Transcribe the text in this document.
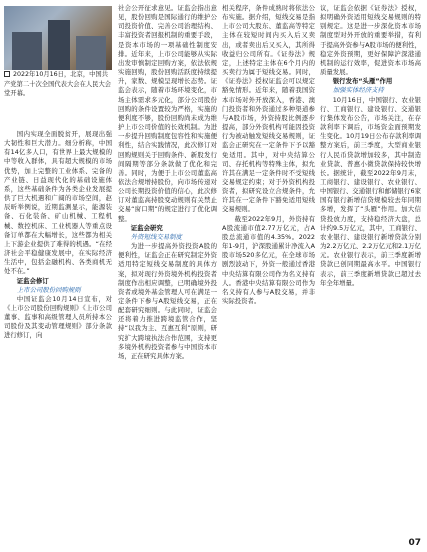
2022年10月16日，北京，中国共产党第二十次全国代表大会在人民大会堂开幕。

国内实现全面脱贫开，展现出强大韧性和巨大潜力。细分析称，中国有14亿多人口，有世界上最大规模的中等收入群体，具有超大规模的市场优势，加上完整的工业体系、完备的产业链、日益现代化的基础设施体系，这些基础条件为各类企业发展提供了巨大机遇和广阔的市场空间，赵辰昕举例说，近期监测显示，能源装备、石化装备、矿山机械、工程机械、数控机床、工业机器人等重点设备订单都在大幅增长，这些都为相关上下游企业提供了难得的机遇。“在经济社会平稳健康发展中，在实际经济生活中，包括金融机构、各类商机无处不在。”

证监会修订

上市公司股份回购规则

中国证监会10月14日宣布，对《上市公司股份回购规则》《上市公司董事、监事和高级管理人员所持本公司股份及其变动管理规则》部分条款进行修订，向

社会公开征求意见。证监会指出意见，股份回购是国际通行的维护公司投资价值、完善公司治理结构、丰富投资者回报机制的重要手段，是资本市场的一项基础性制度安排。近年来，上市公司能够从实际出发审慎制定回购方案，依法依规实施回购，股份回购活跃度持续提升，家数、规模呈现增长态势。证监会表示，随着市场环境变化，市场主体需求多元化，部分公司股份回购的条件设置较为严格，实施的便利度不够，股份回购尚未成为维护上市公司价值的长效机制。为进一步提升回购制度包容性和实施便利性，结合实践情况，此次修订对回购规则关于回购条件、新股发行间隔期等部分条款做了优化和完善。同时，为便于上市公司董监高依法合规增持股份，向市场传递对公司长期投资价值的信心，此次修订对董监高持股变动规则有关禁止交易“窗口期”的规定进行了优化调整。

证监会研究

外资短线交易制度

为进一步提高外资投资A股的便利性，证监会正在研究制定外资适用特定短线交易制度的具体方案，拟对现行外资境外机构投资者制度作出相应调整，已明确境外投资者或境外基金管理人可在满足一定条件下参与A股短线交易，正在配套研究细则。与此同时，证监会还将着力推进跨境监管合作，坚持“以我为主、互惠互利”原则，研究扩大跨境执法合作范围，支持更多境外机构投资者参与中国资本市场，正在研究具体方案。

相关程序，条件成熟时将依法公布实施。据介绍，短线交易是指上市公司大股东、董监高等特定主体在较短时间内买入后又卖出，或者卖出后又买入，其所得收益归公司所有。《证券法》规定，上述特定主体在6个月内的买卖行为属于短线交易。同时，《证券法》授权证监会可以规定豁免情形。近年来，随着我国资本市场对外开放深入，香港、澳门投资者和外资通过多种渠道参与A股市场，外资持股比例逐步提高，部分外资机构可能因投资行为被动触发短线交易规则，证监会正研究在一定条件下予以豁免适用。其中，对中央结算公司、存托机构等特殊主体，拟允许其在满足一定条件时不受短线交易规定约束；对于外资机构投资者，拟研究设立合规条件，允许其在一定条件下豁免适用短线交易规则。

截至2022年9月，外资持有A股流通市值2.77万亿元，占A股总流通市值的4.35%。2022年1-9月，沪深股通累计净流入A股市场520多亿元，在全球市场剧烈波动下，外资一般通过香港中央结算有限公司作为名义持有人。香港中央结算有限公司作为名义持有人参与A股交易，并非实际投资者。

议，证监会依据《证券法》授权，拟明确外资适用短线交易规则的特别规定。这是进一步深化资本市场制度型对外开放的重要举措，有利于提高外资参与A股市场的便利性，稳定外资预期，更好保障沪深港通机制的运行效率，促进资本市场高质量发展。

银行发布“头雁”作用

加强实体经济支持

10月16日，中国银行、农业银行、工商银行、建设银行、交通银行集体发布公告，市场关注，在存款利率下调后，市场资金面预期发生变化。10月19日公布存款利率调整方案后，前三季度，大型商业银行人民币贷款增加较多，其中制造业贷款、普惠小微贷款保持较快增长。据统计，截至2022年9月末，工商银行、建设银行、农业银行、中国银行、交通银行和邮储银行6家国有银行新增信贷规模较去年同期多增，发挥了“头雁”作用。加大信贷投放力度，支持稳经济大盘，总计约9.5万亿元，其中，工商银行、农业银行、建设银行新增贷款分别为2.2万亿元、2.2万亿元和2.1万亿元。农业银行表示，前三季度新增贷款已创同期最高水平。中国银行表示，前三季度新增贷款已超过去年全年增量。

07
